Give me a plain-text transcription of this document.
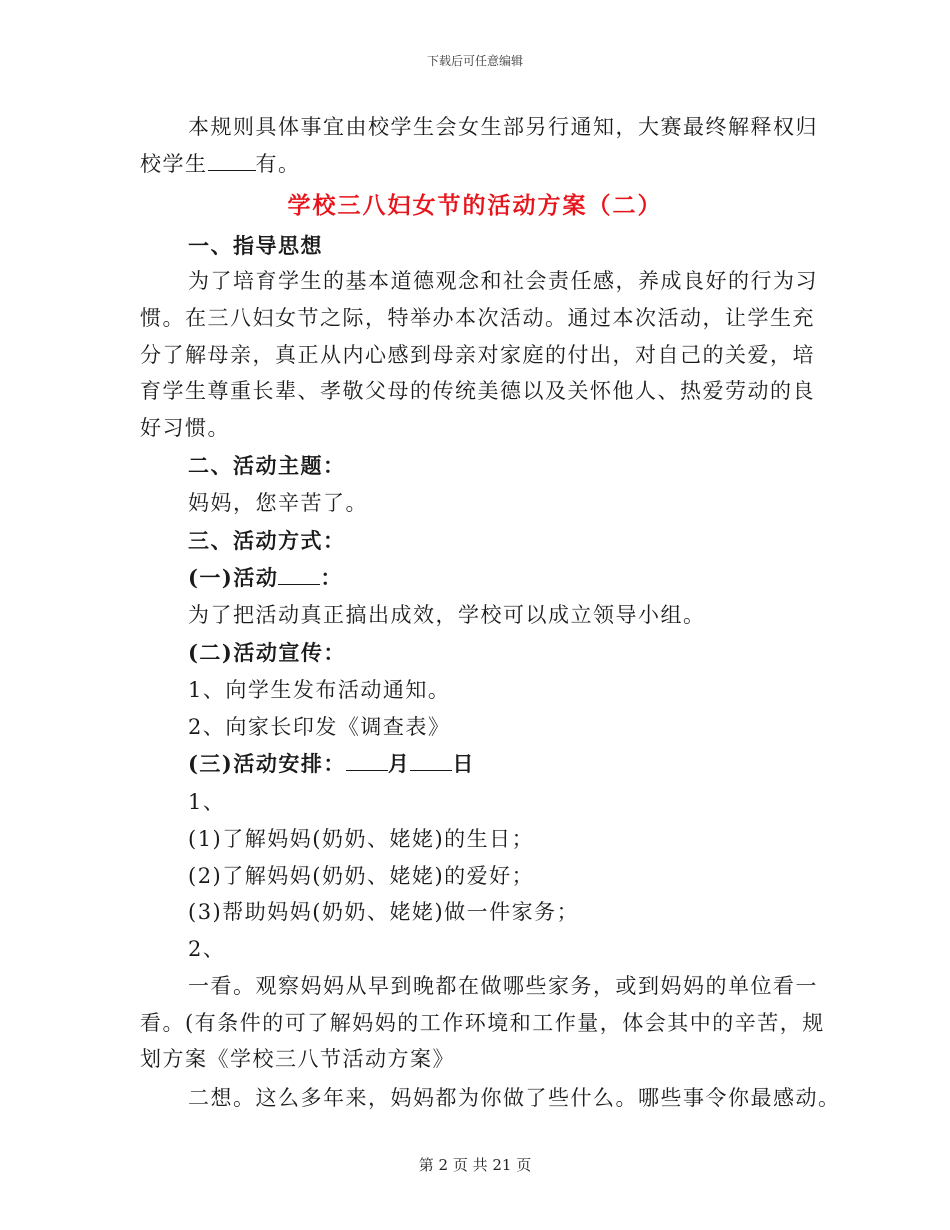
下载后可任意编辑
本规则具体事宜由校学生会女生部另行通知，大赛最终解释权归
校学生 有。
学校三八妇女节的活动方案（二）
一、指导思想
为了培育学生的基本道德观念和社会责任感，养成良好的行为习
惯。在三八妇女节之际，特举办本次活动。通过本次活动，让学生充
分了解母亲，真正从内心感到母亲对家庭的付出，对自己的关爱，培
育学生尊重长辈、孝敬父母的传统美德以及关怀他人、热爱劳动的良
好习惯。
二、活动主题：
妈妈，您辛苦了。
三、活动方式：
(一)活动 ：
为了把活动真正搞出成效，学校可以成立领导小组。
(二)活动宣传：
1、向学生发布活动通知。
2、向家长印发《调查表》
(三)活动安排： 月 日
1、
(1)了解妈妈(奶奶、姥姥)的生日；
(2)了解妈妈(奶奶、姥姥)的爱好；
(3)帮助妈妈(奶奶、姥姥)做一件家务；
2、
一看。观察妈妈从早到晚都在做哪些家务，或到妈妈的单位看一
看。(有条件的可了解妈妈的工作环境和工作量，体会其中的辛苦，规
划方案《学校三八节活动方案》
二想。这么多年来，妈妈都为你做了些什么。哪些事令你最感动。
第 2 页 共 21 页
